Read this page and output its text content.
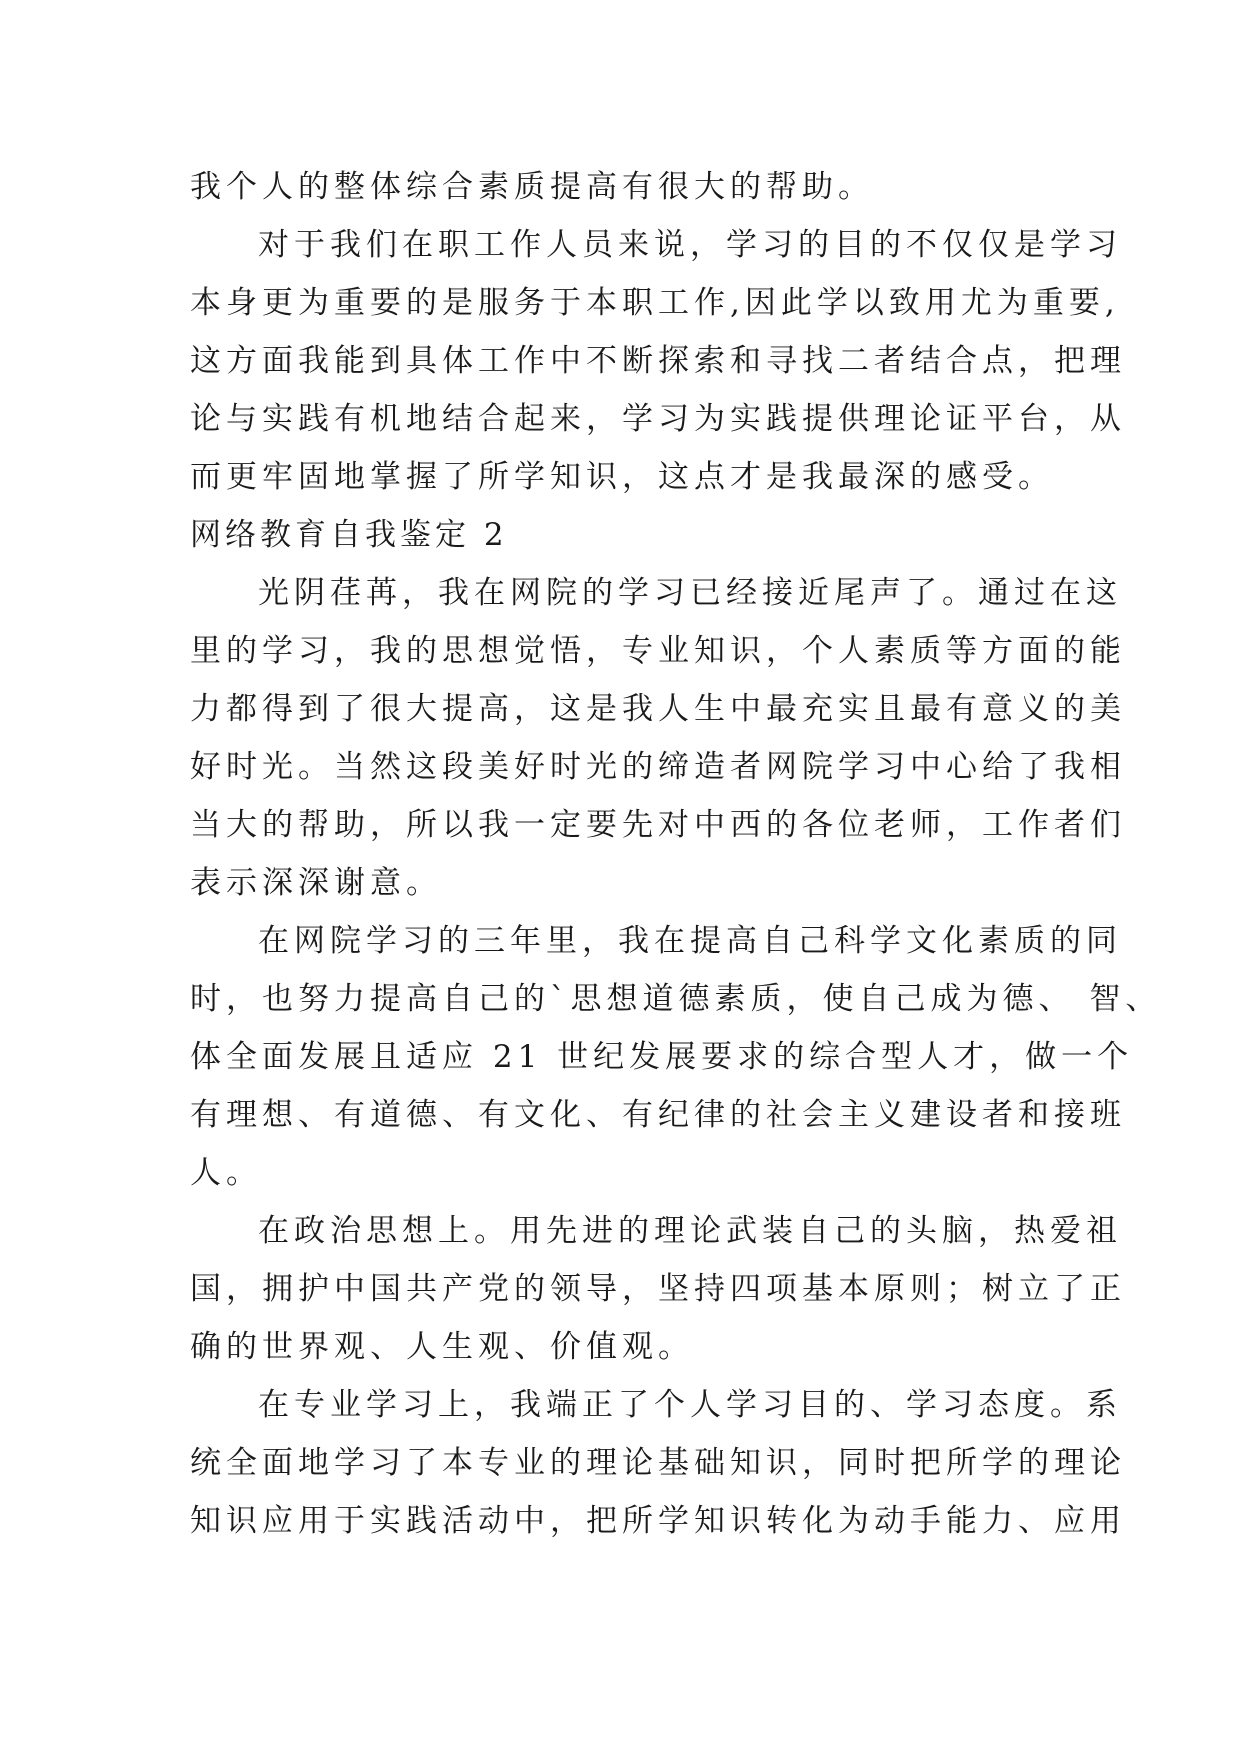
我个人的整体综合素质提高有很大的帮助。
对于我们在职工作人员来说，学习的目的不仅仅是学习
本身更为重要的是服务于本职工作,因此学以致用尤为重要,
这方面我能到具体工作中不断探索和寻找二者结合点，把理
论与实践有机地结合起来，学习为实践提供理论证平台，从
而更牢固地掌握了所学知识，这点才是我最深的感受。
网络教育自我鉴定 2
光阴荏苒，我在网院的学习已经接近尾声了。通过在这
里的学习，我的思想觉悟，专业知识，个人素质等方面的能
力都得到了很大提高，这是我人生中最充实且最有意义的美
好时光。当然这段美好时光的缔造者网院学习中心给了我相
当大的帮助，所以我一定要先对中西的各位老师，工作者们
表示深深谢意。
在网院学习的三年里，我在提高自己科学文化素质的同
时，也努力提高自己的`思想道德素质，使自己成为德、 智、
体全面发展且适应 21 世纪发展要求的综合型人才，做一个
有理想、有道德、有文化、有纪律的社会主义建设者和接班
人。
在政治思想上。用先进的理论武装自己的头脑，热爱祖
国，拥护中国共产党的领导，坚持四项基本原则；树立了正
确的世界观、人生观、价值观。
在专业学习上，我端正了个人学习目的、学习态度。系
统全面地学习了本专业的理论基础知识，同时把所学的理论
知识应用于实践活动中，把所学知识转化为动手能力、应用
